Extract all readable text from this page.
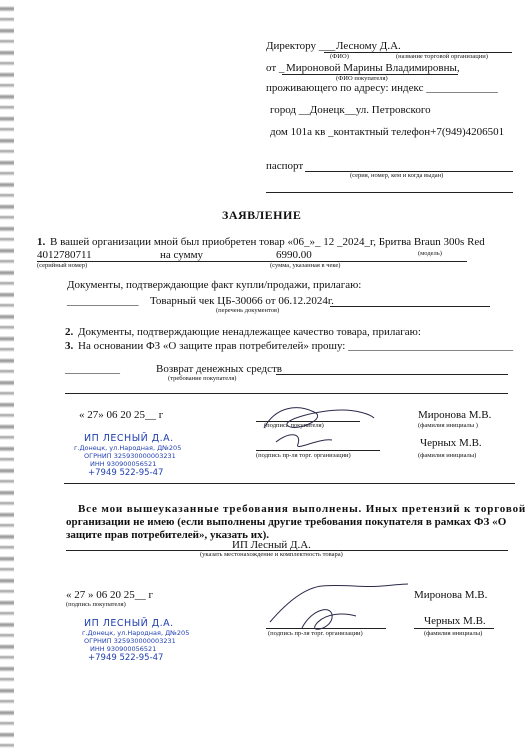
Директору ___ Лесному Д.А.
(ФИО)	(название торговой организации)
от _ Мироновой Марины Владимировны,
(ФИО покупателя)
проживающего по адресу: индекс _____________
город __Донецк__ул. Петровского
дом 101а кв _контактный телефон+7(949)4206501
паспорт
(серия, номер, кем и когда выдан)
ЗАЯВЛЕНИЕ
1. В вашей организации мной был приобретен товар «06_»_ 12 _2024_г, Бритва Braun 300s Red
4012780711	на сумму	6990.00
(серийный номер)	(сумма, указанная в чеке)
(модель)
Документы, подтверждающие факт купли/продажи, прилагаю:
_____________ Товарный чек ЦБ-30066 от 06.12.2024г.
(перечень документов)
2. Документы, подтверждающие ненадлежащее качество товара, прилагаю:
3. На основании ФЗ «О защите прав потребителей» прошу: ______________________________
__________	Возврат денежных средств
(требование покупателя)
« 27» 06 20 25__ г
(подпись покупателя)
Миронова М.В.
(фамилия инициалы )
(подпись пр-ля торг. организации)
Черных М.В.
(фамилия инициалы)
ИП ЛЕСНЫЙ Д.А.
г.Донецк, ул.Народная, Д№205
ОГРНИП 325930000003231
ИНН 930900056521
+7949 522-95-47
Все мои вышеуказанные требования выполнены. Иных претензий к торговой
организации не имею (если выполнены другие требования покупателя в рамках ФЗ «О
защите прав потребителей», указать их).
ИП Лесный Д.А.
(указать местонахождение и комплектность товара)
« 27 » 06 20 25__ г
(подпись покупателя)
Миронова М.В.
(подпись пр-ля торг. организации)
Черных М.В.
(фамилия инициалы)
ИП ЛЕСНЫЙ Д.А.
г.Донецк, ул.Народная, Д№205
ОГРНИП 325930000003231
ИНН 930900056521
+7949 522-95-47
